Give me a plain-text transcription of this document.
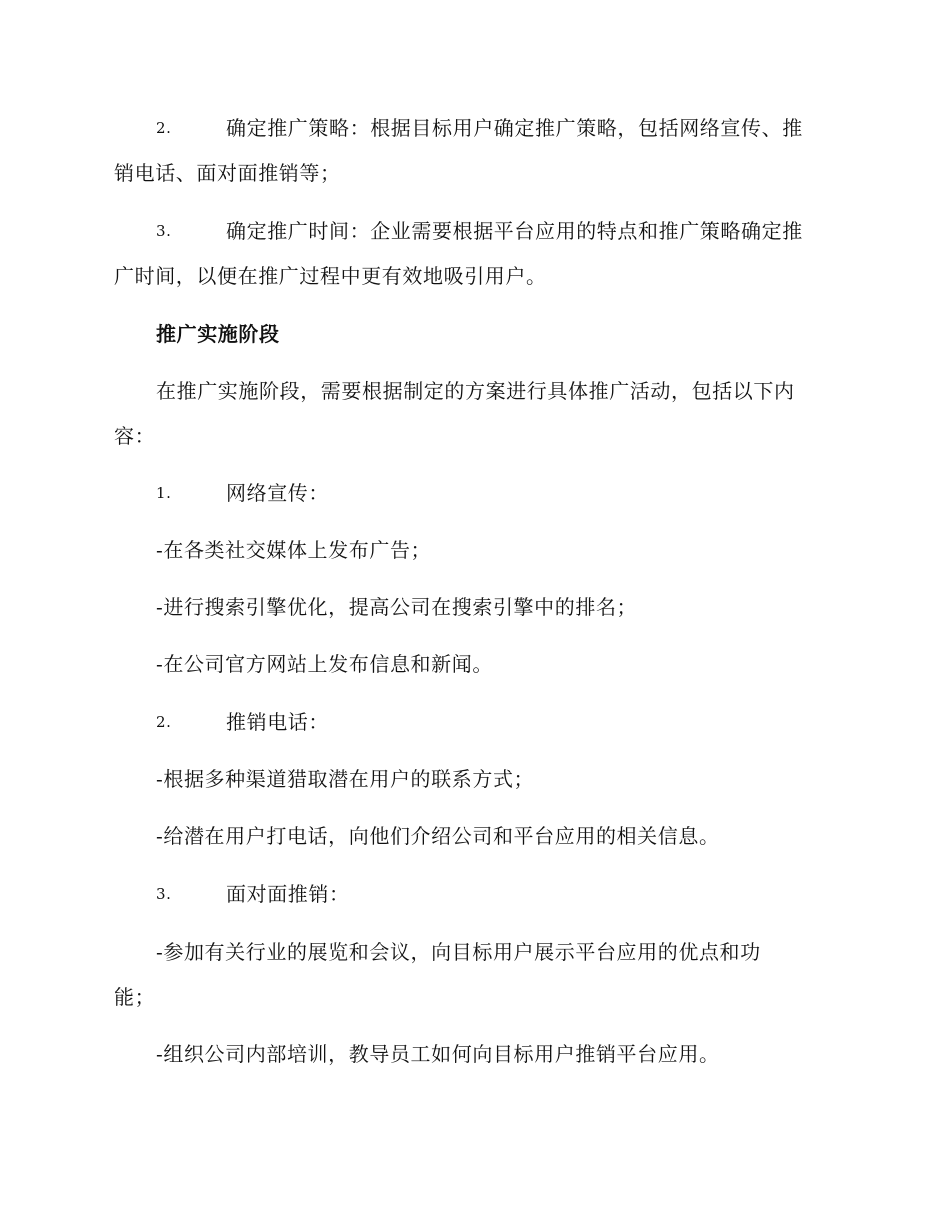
2.	确定推广策略：根据目标用户确定推广策略，包括网络宣传、推
销电话、面对面推销等；
3.	确定推广时间：企业需要根据平台应用的特点和推广策略确定推
广时间，以便在推广过程中更有效地吸引用户。
推广实施阶段
在推广实施阶段，需要根据制定的方案进行具体推广活动，包括以下内
容：
1.	网络宣传：
-在各类社交媒体上发布广告；
-进行搜索引擎优化，提高公司在搜索引擎中的排名；
-在公司官方网站上发布信息和新闻。
2.	推销电话：
-根据多种渠道猎取潜在用户的联系方式；
-给潜在用户打电话，向他们介绍公司和平台应用的相关信息。
3.	面对面推销：
-参加有关行业的展览和会议，向目标用户展示平台应用的优点和功
能；
-组织公司内部培训，教导员工如何向目标用户推销平台应用。
